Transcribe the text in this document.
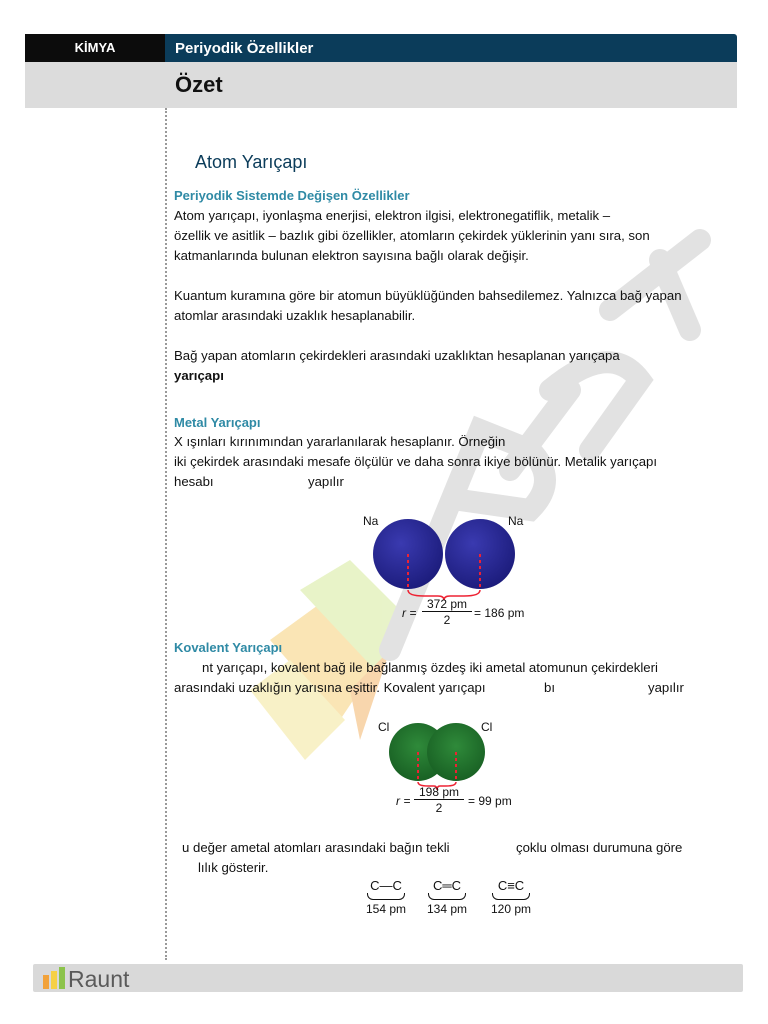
KİMYA	Periyodik Özellikler
Özet
Atom Yarıçapı
Periyodik Sistemde Değişen Özellikler
Atom yarıçapı, iyonlaşma enerjisi, elektron ilgisi, elektronegatiflik, metalik –
özellik ve asitlik – bazlık gibi özellikler, atomların çekirdek yüklerinin yanı sıra, son
katmanlarında bulunan elektron sayısına bağlı olarak değişir.
Kuantum kuramına göre bir atomun büyüklüğünden bahsedilemez. Yalnızca bağ yapan
atomlar arasındaki uzaklık hesaplanabilir.
Bağ yapan atomların çekirdekleri arasındaki uzaklıktan hesaplanan yarıçapa
yarıçapı
Metal Yarıçapı
X ışınları kırınımından yararlanılarak hesaplanır. Örneğin
iki çekirdek arasındaki mesafe ölçülür ve daha sonra ikiye bölünür. Metalik yarıçapı
hesabı	yapılır
Na	Na
r =
372 pm
2	= 186 pm
Kovalent Yarıçapı
nt yarıçapı, kovalent bağ ile bağlanmış özdeş iki ametal atomunun çekirdekleri
arasındaki uzaklığın yarısına eşittir. Kovalent yarıçapı	bı	yapılır
Cl	Cl
r =
198 pm
2	= 99 pm
u değer ametal atomları arasındaki bağın tekli	çoklu olması durumuna göre
lılık gösterir.
C—C
154 pm
C═C
134 pm
C≡C
120 pm
Raunt
